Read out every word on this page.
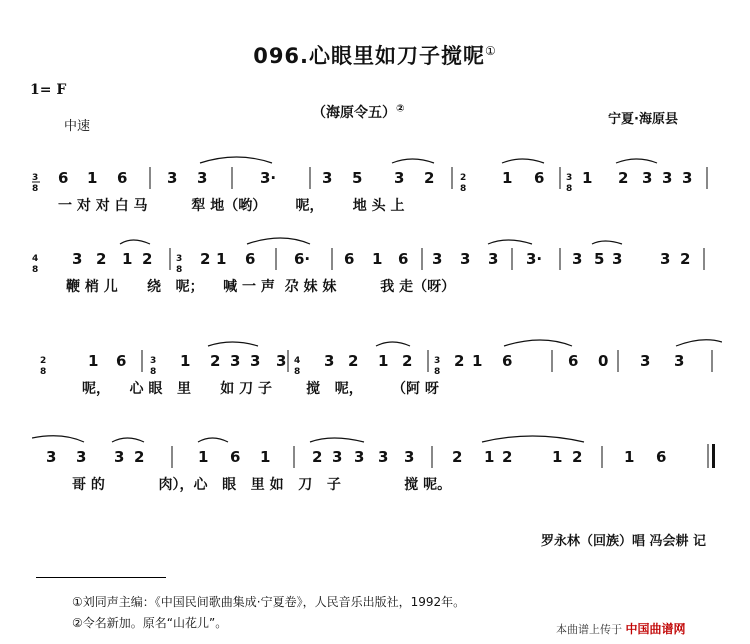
096.心眼里如刀子搅呢①
1= F
中速
（海原令五）②
宁夏·海原县
3
8
6 1 6	3 3	3·	3 5 3 2	2
8
1 6 3
8
1 2 3 3 3
一 对 对 白 马         犁 地（哟）      呢，      地 头 上
4
8
3 2 1 2	3
8
2 1 6	6· 6 1 6 3 3 3 3· 3 5 3	3 2
鞭 梢 儿      绕   呢；    喊 一 声  尕 妹 妹         我 走（呀）
2
8
1 6	3
8
1 2 3 3 3 4
8
3 2 1 2 3
8
2 1 6	6 0 3 3
呢，    心 眼   里      如 刀 子       搅   呢，      （阿 呀
3 3 3 2	1 6 1	2 3 3 3 3	2 1 2	1 2	1 6
哥 的           肉），心   眼   里 如   刀   子             搅 呢。
罗永林（回族）唱 冯会耕 记
①刘同声主编：《中国民间歌曲集成·宁夏卷》，人民音乐出版社，1992年。
②令名新加。原名“山花儿”。	本曲谱上传于 中国曲谱网
